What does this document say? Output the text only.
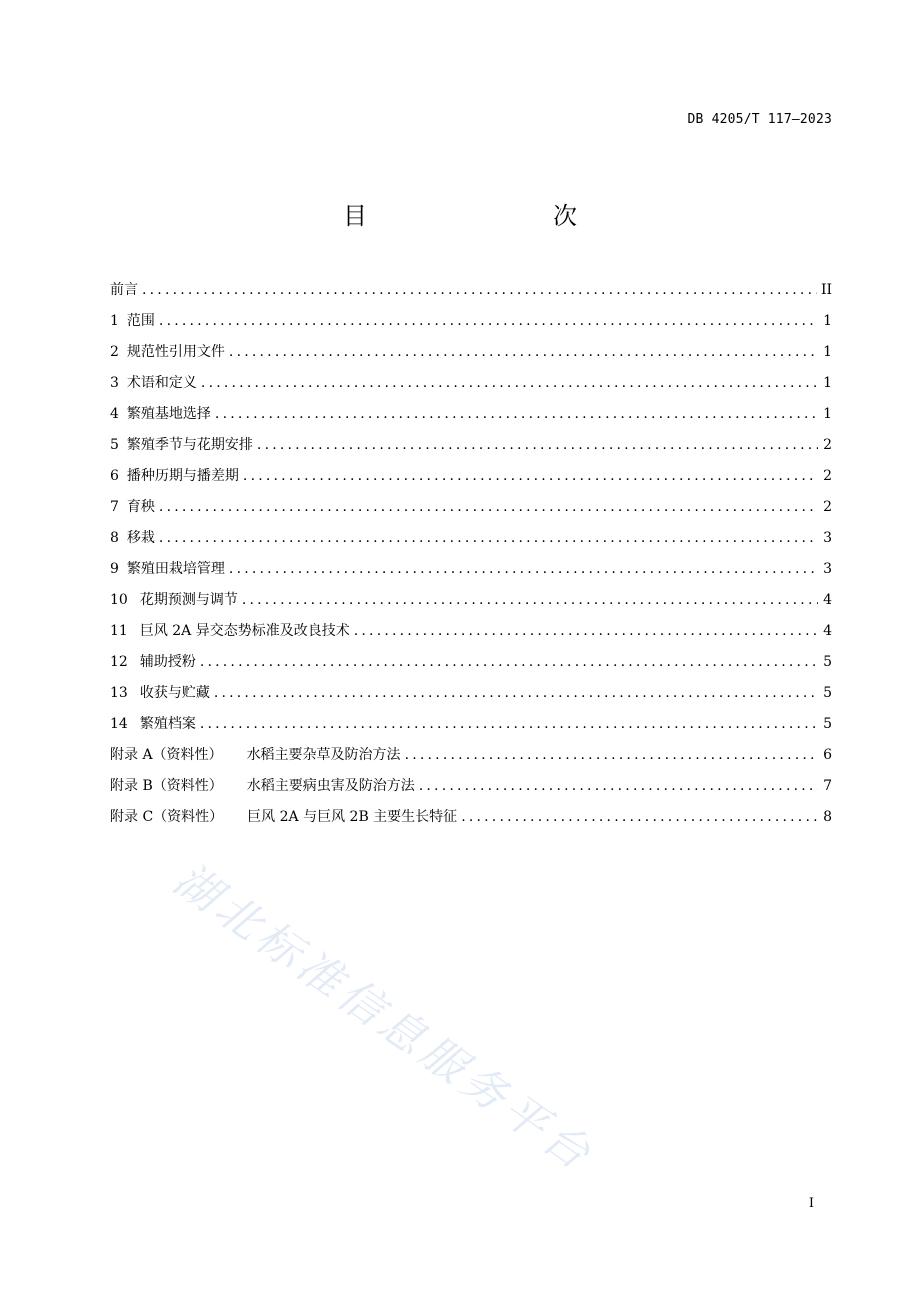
DB 4205/T 117—2023
目　　次
前言 .....	II
1 范围 .....	1
2 规范性引用文件 .....	1
3 术语和定义 .....	1
4 繁殖基地选择 .....	1
5 繁殖季节与花期安排 .....	2
6 播种历期与播差期 .....	2
7 育秧 .....	2
8 移栽 .....	3
9 繁殖田栽培管理 .....	3
10 花期预测与调节 .....	4
11 巨风 2A 异交态势标准及改良技术 .....	4
12 辅助授粉 .....	5
13 收获与贮藏 .....	5
14 繁殖档案 .....	5
附录 A（资料性）	水稻主要杂草及防治方法 .....	6
附录 B（资料性）	水稻主要病虫害及防治方法 .....	7
附录 C（资料性）	巨风 2A 与巨风 2B 主要生长特征 .....	8
湖北标准信息服务平台
I
